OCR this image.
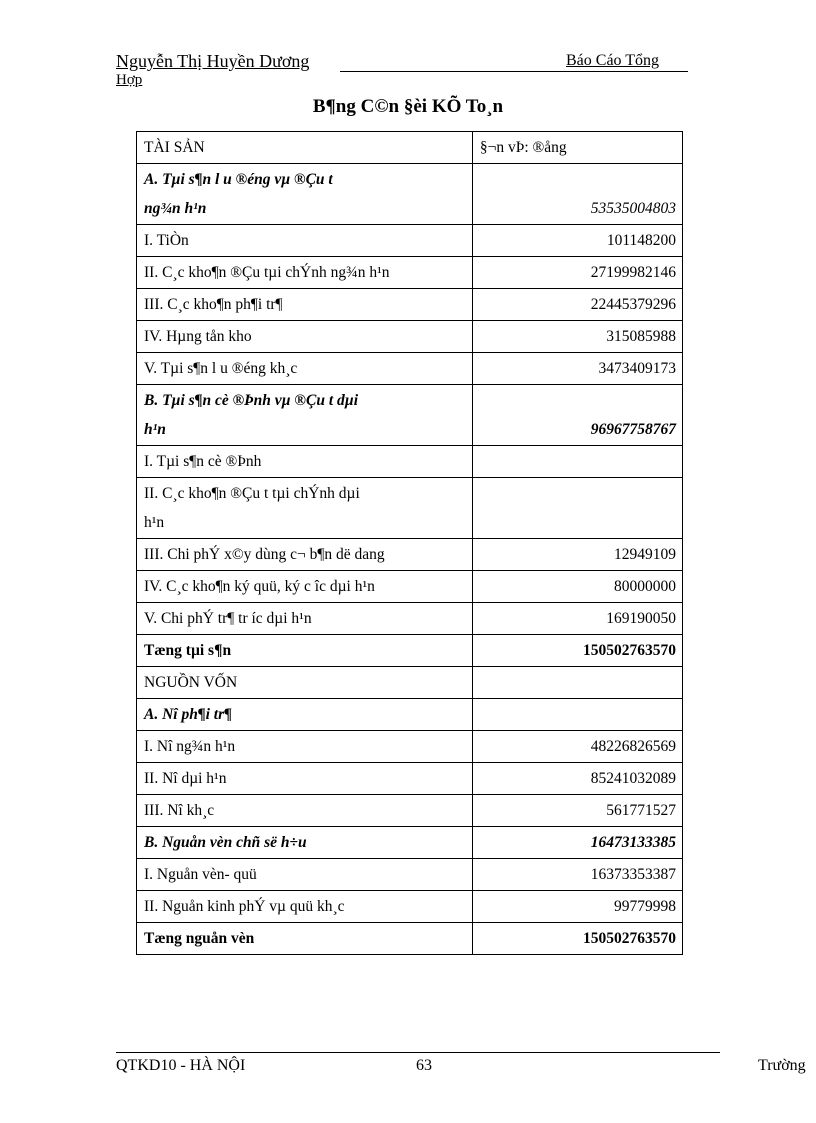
Nguyễn Thị Huyền Dương
Hợp
Báo Cáo Tổng
B¶ng C©n §èi KÕ To¸n
TÀI SẢN	§¬n vÞ: ®ång

A. Tµi s¶n l u ®éng vµ ®Çu t
ng¾n h¹n	53535004803

I. TiÒn	101148200
II. C¸c kho¶n ®Çu tµi chÝnh ng¾n h¹n	27199982146
III. C¸c kho¶n ph¶i tr¶	22445379296
IV. Hµng tån kho	315085988
V. Tµi s¶n l u ®éng kh¸c	3473409173

B. Tµi s¶n cè ®Þnh vµ ®Çu t dµi
h¹n	96967758767

I. Tµi s¶n cè ®Þnh	

II. C¸c kho¶n ®Çu t tµi chÝnh dµi
h¹n	

III. Chi phÝ x©y dùng c¬ b¶n dë dang	12949109
IV. C¸c kho¶n ký quü, ký c îc dµi h¹n	80000000
V. Chi phÝ tr¶ tr íc dµi h¹n	169190050
Tæng tµi s¶n	150502763570
NGUỒN VỐN	
A. Nî ph¶i tr¶	
I. Nî ng¾n h¹n	48226826569
II. Nî dµi h¹n	85241032089
III. Nî kh¸c	561771527
B. Nguån vèn chñ së h÷u	16473133385
I. Nguån vèn- quü	16373353387
II. Nguån kinh phÝ vµ quü kh¸c	99779998
Tæng nguån vèn	150502763570
QTKD10 - HÀ NỘI	63	Trường
